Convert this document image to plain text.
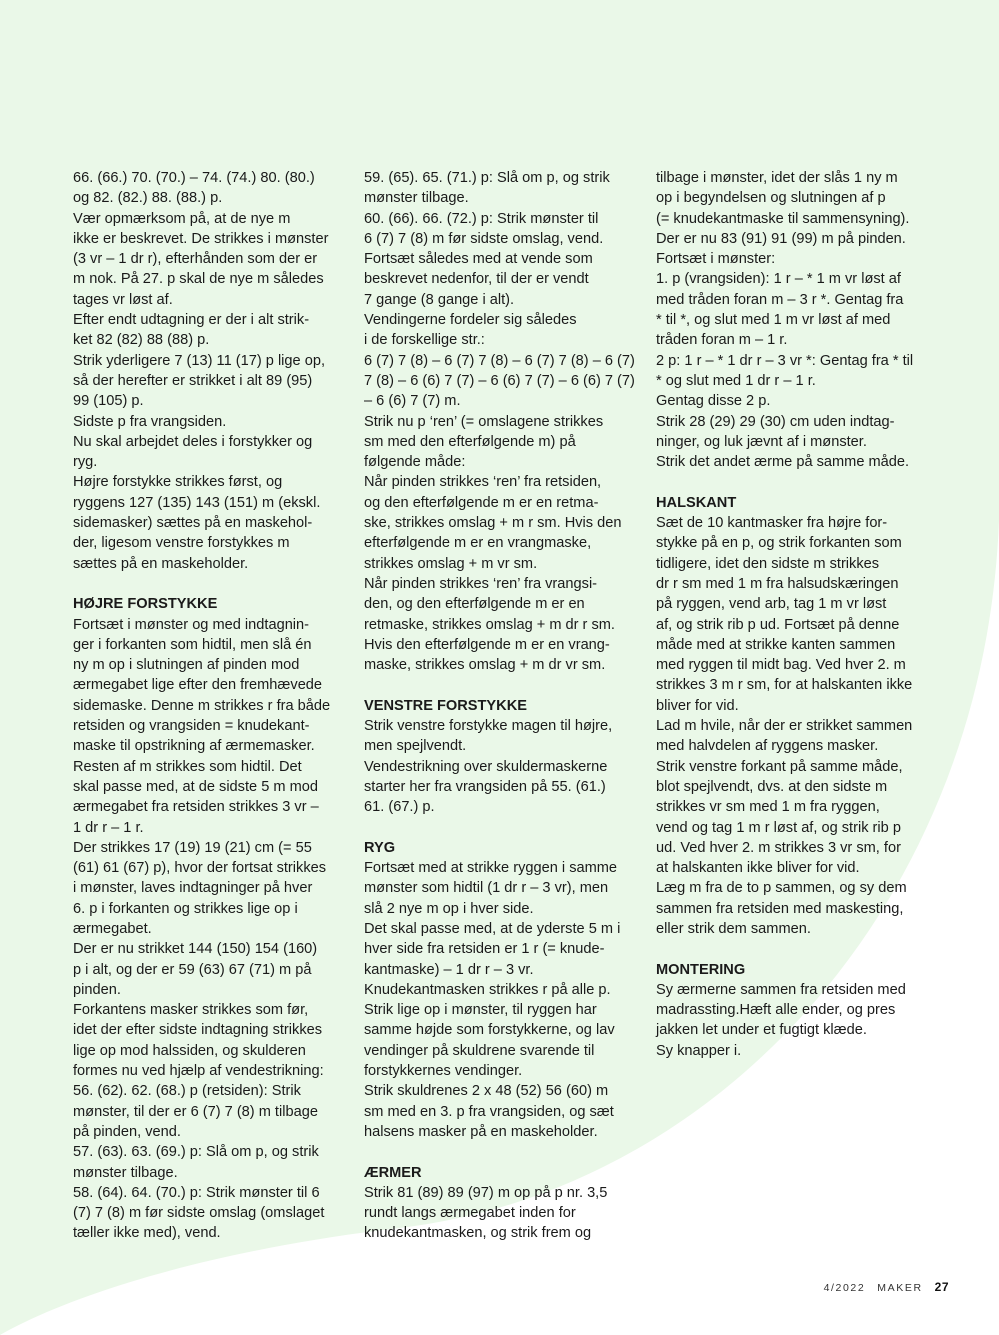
66. (66.) 70. (70.) – 74. (74.) 80. (80.)
og 82. (82.) 88. (88.) p.
Vær opmærksom på, at de nye m
ikke er beskrevet. De strikkes i mønster
(3 vr – 1 dr r), efterhånden som der er
m nok. På 27. p skal de nye m således
tages vr løst af.
Efter endt udtagning er der i alt strik-
ket 82 (82) 88 (88) p.
Strik yderligere 7 (13) 11 (17) p lige op,
så der herefter er strikket i alt 89 (95)
99 (105) p.
Sidste p fra vrangsiden.
Nu skal arbejdet deles i forstykker og
ryg.
Højre forstykke strikkes først, og
ryggens 127 (135) 143 (151) m (ekskl.
sidemasker) sættes på en maskehol-
der, ligesom venstre forstykkes m
sættes på en maskeholder.
HØJRE FORSTYKKE
Fortsæt i mønster og med indtagnin-
ger i forkanten som hidtil, men slå én
ny m op i slutningen af pinden mod
ærmegabet lige efter den fremhævede
sidemaske. Denne m strikkes r fra både
retsiden og vrangsiden = knudekant-
maske til opstrikning af ærmemasker.
Resten af m strikkes som hidtil. Det
skal passe med, at de sidste 5 m mod
ærmegabet fra retsiden strikkes 3 vr –
1 dr r – 1 r.
Der strikkes 17 (19) 19 (21) cm (= 55
(61) 61 (67) p), hvor der fortsat strikkes
i mønster, laves indtagninger på hver
6. p i forkanten og strikkes lige op i
ærmegabet.
Der er nu strikket 144 (150) 154 (160)
p i alt, og der er 59 (63) 67 (71) m på
pinden.
Forkantens masker strikkes som før,
idet der efter sidste indtagning strikkes
lige op mod halssiden, og skulderen
formes nu ved hjælp af vendestrikning:
56. (62). 62. (68.) p (retsiden): Strik
mønster, til der er 6 (7) 7 (8) m tilbage
på pinden, vend.
57. (63). 63. (69.) p: Slå om p, og strik
mønster tilbage.
58. (64). 64. (70.) p: Strik mønster til 6
(7) 7 (8) m før sidste omslag (omslaget
tæller ikke med), vend.
59. (65). 65. (71.) p: Slå om p, og strik
mønster tilbage.
60. (66). 66. (72.) p: Strik mønster til
6 (7) 7 (8) m før sidste omslag, vend.
Fortsæt således med at vende som
beskrevet nedenfor, til der er vendt
7 gange (8 gange i alt).
Vendingerne fordeler sig således
i de forskellige str.:
6 (7) 7 (8) – 6 (7) 7 (8) – 6 (7) 7 (8) – 6 (7)
7 (8) – 6 (6) 7 (7) – 6 (6) 7 (7) – 6 (6) 7 (7)
– 6 (6) 7 (7) m.
Strik nu p ‘ren’ (= omslagene strikkes
sm med den efterfølgende m) på
følgende måde:
Når pinden strikkes ‘ren’ fra retsiden,
og den efterfølgende m er en retma-
ske, strikkes omslag + m r sm. Hvis den
efterfølgende m er en vrangmaske,
strikkes omslag + m vr sm.
Når pinden strikkes ‘ren’ fra vrangsi-
den, og den efterfølgende m er en
retmaske, strikkes omslag + m dr r sm.
Hvis den efterfølgende m er en vrang-
maske, strikkes omslag + m dr vr sm.
VENSTRE FORSTYKKE
Strik venstre forstykke magen til højre,
men spejlvendt.
Vendestrikning over skuldermaskerne
starter her fra vrangsiden på 55. (61.)
61. (67.) p.
RYG
Fortsæt med at strikke ryggen i samme
mønster som hidtil (1 dr r – 3 vr), men
slå 2 nye m op i hver side.
Det skal passe med, at de yderste 5 m i
hver side fra retsiden er 1 r (= knude-
kantmaske) – 1 dr r – 3 vr.
Knudekantmasken strikkes r på alle p.
Strik lige op i mønster, til ryggen har
samme højde som forstykkerne, og lav
vendinger på skuldrene svarende til
forstykkernes vendinger.
Strik skuldrenes 2 x 48 (52) 56 (60) m
sm med en 3. p fra vrangsiden, og sæt
halsens masker på en maskeholder.
ÆRMER
Strik 81 (89) 89 (97) m op på p nr. 3,5
rundt langs ærmegabet inden for
knudekantmasken, og strik frem og
tilbage i mønster, idet der slås 1 ny m
op i begyndelsen og slutningen af p
(= knudekantmaske til sammensyning).
Der er nu 83 (91) 91 (99) m på pinden.
Fortsæt i mønster:
1. p (vrangsiden): 1 r – * 1 m vr løst af
med tråden foran m – 3 r *. Gentag fra
* til *, og slut med 1 m vr løst af med
tråden foran m – 1 r.
2 p: 1 r – * 1 dr r – 3 vr *: Gentag fra * til
* og slut med 1 dr r – 1 r.
Gentag disse 2 p.
Strik 28 (29) 29 (30) cm uden indtag-
ninger, og luk jævnt af i mønster.
Strik det andet ærme på samme måde.
HALSKANT
Sæt de 10 kantmasker fra højre for-
stykke på en p, og strik forkanten som
tidligere, idet den sidste m strikkes
dr r sm med 1 m fra halsudskæringen
på ryggen, vend arb, tag 1 m vr løst
af, og strik rib p ud. Fortsæt på denne
måde med at strikke kanten sammen
med ryggen til midt bag. Ved hver 2. m
strikkes 3 m r sm, for at halskanten ikke
bliver for vid.
Lad m hvile, når der er strikket sammen
med halvdelen af ryggens masker.
Strik venstre forkant på samme måde,
blot spejlvendt, dvs. at den sidste m
strikkes vr sm med 1 m fra ryggen,
vend og tag 1 m r løst af, og strik rib p
ud. Ved hver 2. m strikkes 3 vr sm, for
at halskanten ikke bliver for vid.
Læg m fra de to p sammen, og sy dem
sammen fra retsiden med maskesting,
eller strik dem sammen.
MONTERING
Sy ærmerne sammen fra retsiden med
madrassting.Hæft alle ender, og pres
jakken let under et fugtigt klæde.
Sy knapper i.
4/2022 MAKER 27
